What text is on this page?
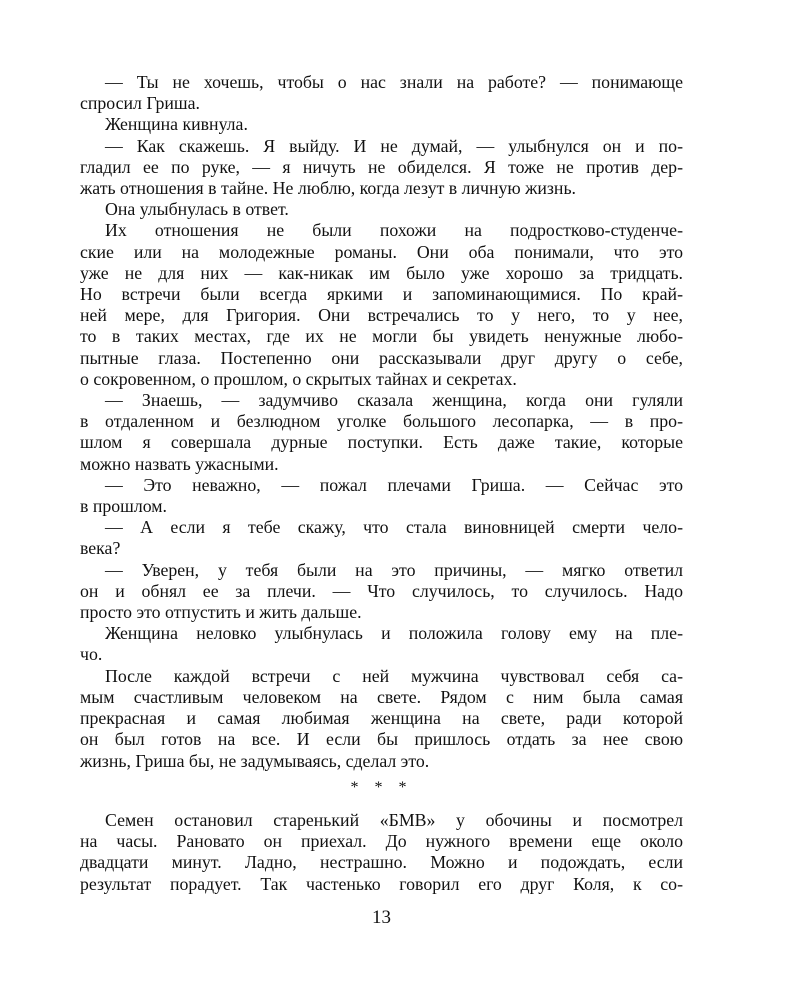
— Ты не хочешь, чтобы о нас знали на работе? — понимающе
спросил Гриша.
Женщина кивнула.
— Как скажешь. Я выйду. И не думай, — улыбнулся он и по-
гладил ее по руке, — я ничуть не обиделся. Я тоже не против дер-
жать отношения в тайне. Не люблю, когда лезут в личную жизнь.
Она улыбнулась в ответ.
Их отношения не были похожи на подростково-студенче-
ские или на молодежные романы. Они оба понимали, что это
уже не для них — как-никак им было уже хорошо за тридцать.
Но встречи были всегда яркими и запоминающимися. По край-
ней мере, для Григория. Они встречались то у него, то у нее,
то в таких местах, где их не могли бы увидеть ненужные любо-
пытные глаза. Постепенно они рассказывали друг другу о себе,
о сокровенном, о прошлом, о скрытых тайнах и секретах.
— Знаешь, — задумчиво сказала женщина, когда они гуляли
в отдаленном и безлюдном уголке большого лесопарка, — в про-
шлом я совершала дурные поступки. Есть даже такие, которые
можно назвать ужасными.
— Это неважно, — пожал плечами Гриша. — Сейчас это
в прошлом.
— А если я тебе скажу, что стала виновницей смерти чело-
века?
— Уверен, у тебя были на это причины, — мягко ответил
он и обнял ее за плечи. — Что случилось, то случилось. Надо
просто это отпустить и жить дальше.
Женщина неловко улыбнулась и положила голову ему на пле-
чо.
После каждой встречи с ней мужчина чувствовал себя са-
мым счастливым человеком на свете. Рядом с ним была самая
прекрасная и самая любимая женщина на свете, ради которой
он был готов на все. И если бы пришлось отдать за нее свою
жизнь, Гриша бы, не задумываясь, сделал это.
* * *
Семен остановил старенький «БМВ» у обочины и посмотрел
на часы. Рановато он приехал. До нужного времени еще около
двадцати минут. Ладно, нестрашно. Можно и подождать, если
результат порадует. Так частенько говорил его друг Коля, к со-
13
